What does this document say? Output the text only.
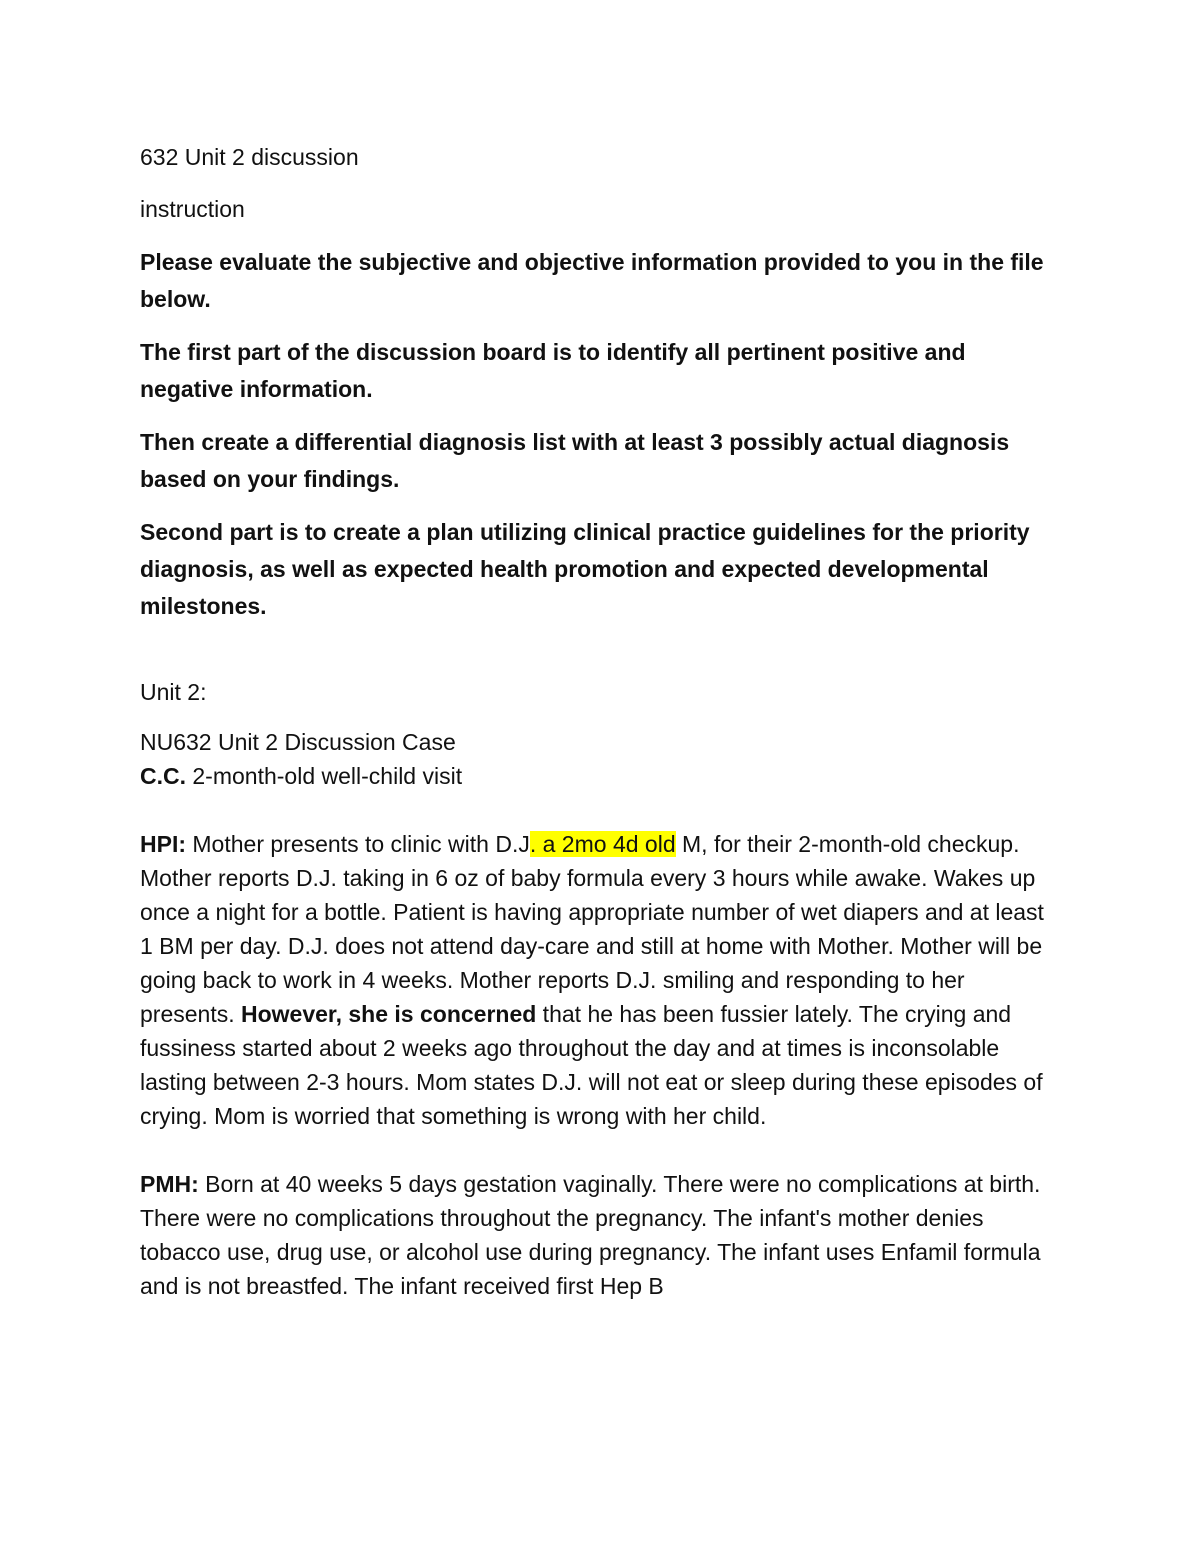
632 Unit 2 discussion

instruction

Please evaluate the subjective and objective information provided to you in the file below.

The first part of the discussion board is to identify all pertinent positive and negative information.

Then create a differential diagnosis list with at least 3 possibly actual diagnosis based on your findings.

Second part is to create a plan utilizing clinical practice guidelines for the priority diagnosis, as well as expected health promotion and expected developmental milestones.

Unit 2:

NU632 Unit 2 Discussion Case

C.C. 2-month-old well-child visit

HPI: Mother presents to clinic with D.J. a 2mo 4d old M, for their 2-month-old checkup. Mother reports D.J. taking in 6 oz of baby formula every 3 hours while awake. Wakes up once a night for a bottle. Patient is having appropriate number of wet diapers and at least 1 BM per day. D.J. does not attend day-care and still at home with Mother. Mother will be going back to work in 4 weeks. Mother reports D.J. smiling and responding to her presents. However, she is concerned that he has been fussier lately. The crying and fussiness started about 2 weeks ago throughout the day and at times is inconsolable lasting between 2-3 hours. Mom states D.J. will not eat or sleep during these episodes of crying. Mom is worried that something is wrong with her child.

PMH: Born at 40 weeks 5 days gestation vaginally. There were no complications at birth. There were no complications throughout the pregnancy. The infant's mother denies tobacco use, drug use, or alcohol use during pregnancy. The infant uses Enfamil formula and is not breastfed. The infant received first Hep B
